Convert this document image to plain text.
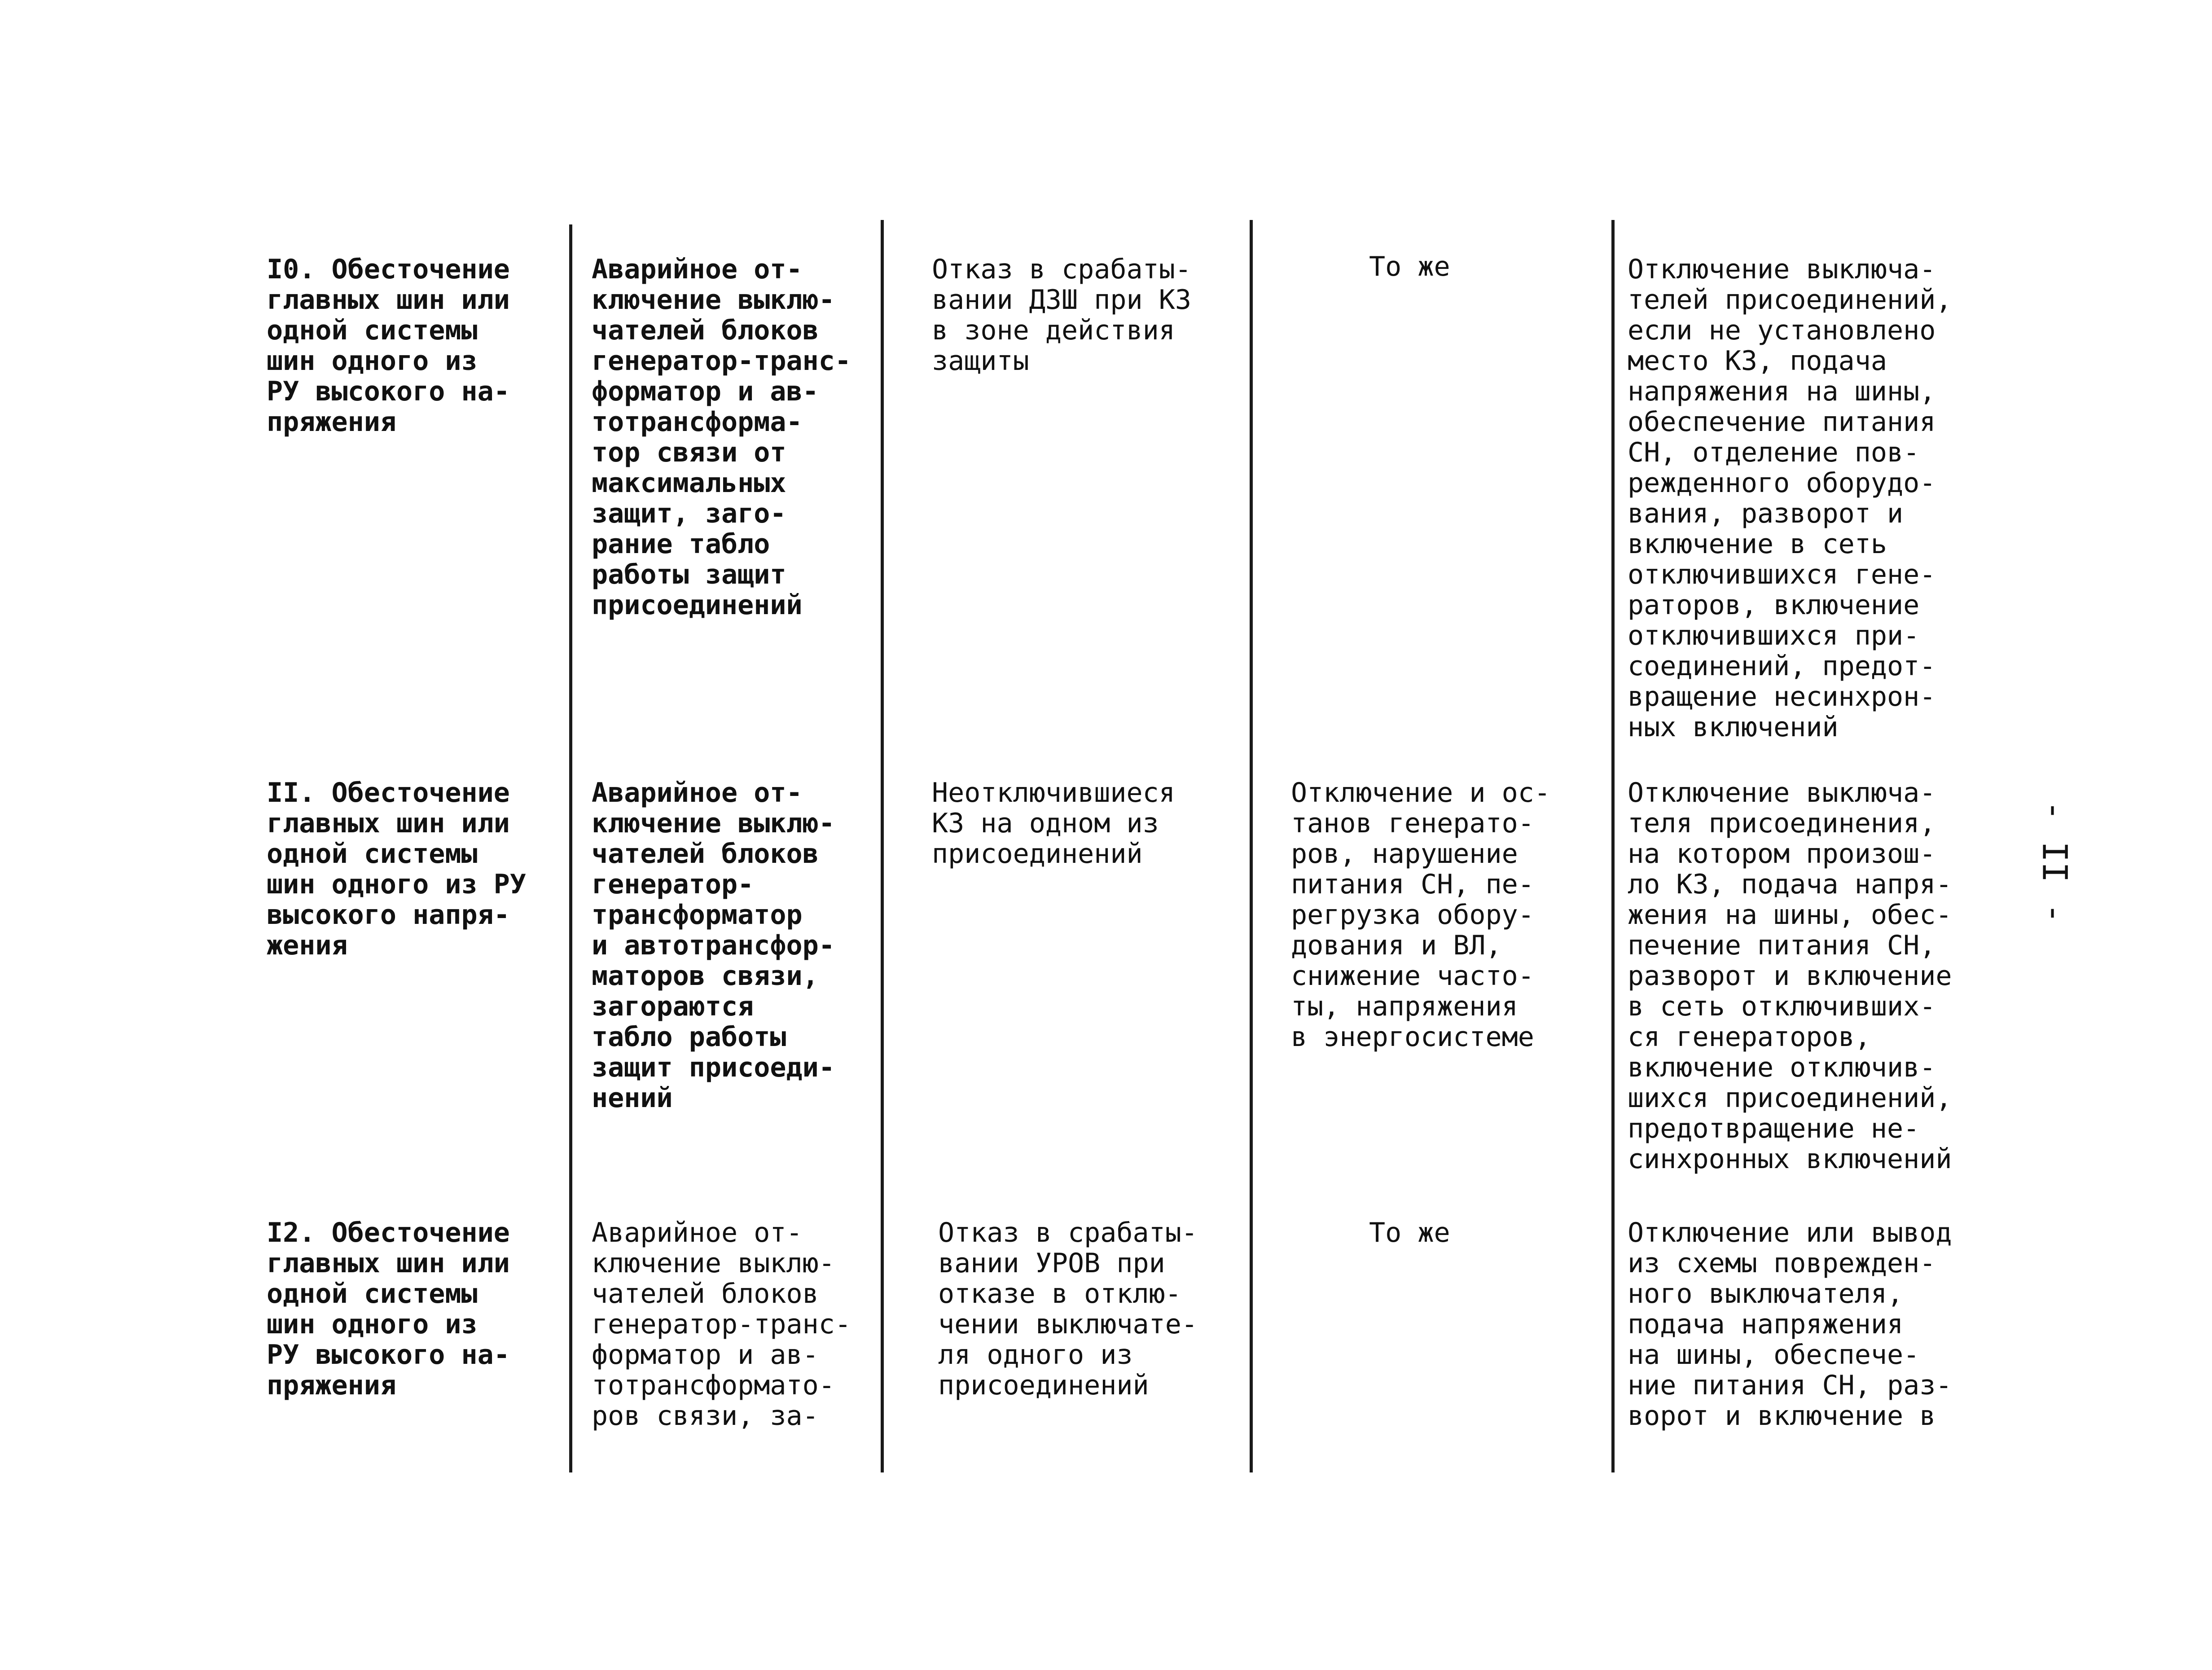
I0. Обесточение
главных шин или
одной системы
шин одного из
РУ высокого на-
пряжения
Аварийное от-
ключение выклю-
чателей блоков
генератор-транс-
форматор и ав-
тотрансформа-
тор связи от
максимальных
защит, заго-
рание табло
работы защит
присоединений
Отказ в срабаты-
вании ДЗШ при КЗ
в зоне действия
защиты
То же	Отключение выключа-
телей присоединений,
если не установлено
место КЗ, подача
напряжения на шины,
обеспечение питания
СН, отделение пов-
режденного оборудо-
вания, разворот и
включение в сеть
отключившихся гене-
раторов, включение
отключившихся при-
соединений, предот-
вращение несинхрон-
ных включений
II. Обесточение
главных шин или
одной системы
шин одного из РУ
высокого напря-
жения
Аварийное от-
ключение выклю-
чателей блоков
генератор-
трансформатор
и автотрансфор-
маторов связи,
загораются
табло работы
защит присоеди-
нений
Неотключившиеся
КЗ на одном из
присоединений
Отключение и ос-
танов генерато-
ров, нарушение
питания СН, пе-
регрузка обору-
дования и ВЛ,
снижение часто-
ты, напряжения
в энергосистеме
Отключение выключа-
теля присоединения,
на котором произош-
ло КЗ, подача напря-
жения на шины, обес-
печение питания СН,
разворот и включение
в сеть отключивших-
ся генераторов,
включение отключив-
шихся присоединений,
предотвращение не-
синхронных включений
I2. Обесточение
главных шин или
одной системы
шин одного из
РУ высокого на-
пряжения
Аварийное от-
ключение выклю-
чателей блоков
генератор-транс-
форматор и ав-
тотрансформато-
ров связи, за-
Отказ в срабаты-
вании УРОВ при
отказе в отклю-
чении выключате-
ля одного из
присоединений
То же	Отключение или вывод
из схемы поврежден-
ного выключателя,
подача напряжения
на шины, обеспече-
ние питания СН, раз-
ворот и включение в
- II -
